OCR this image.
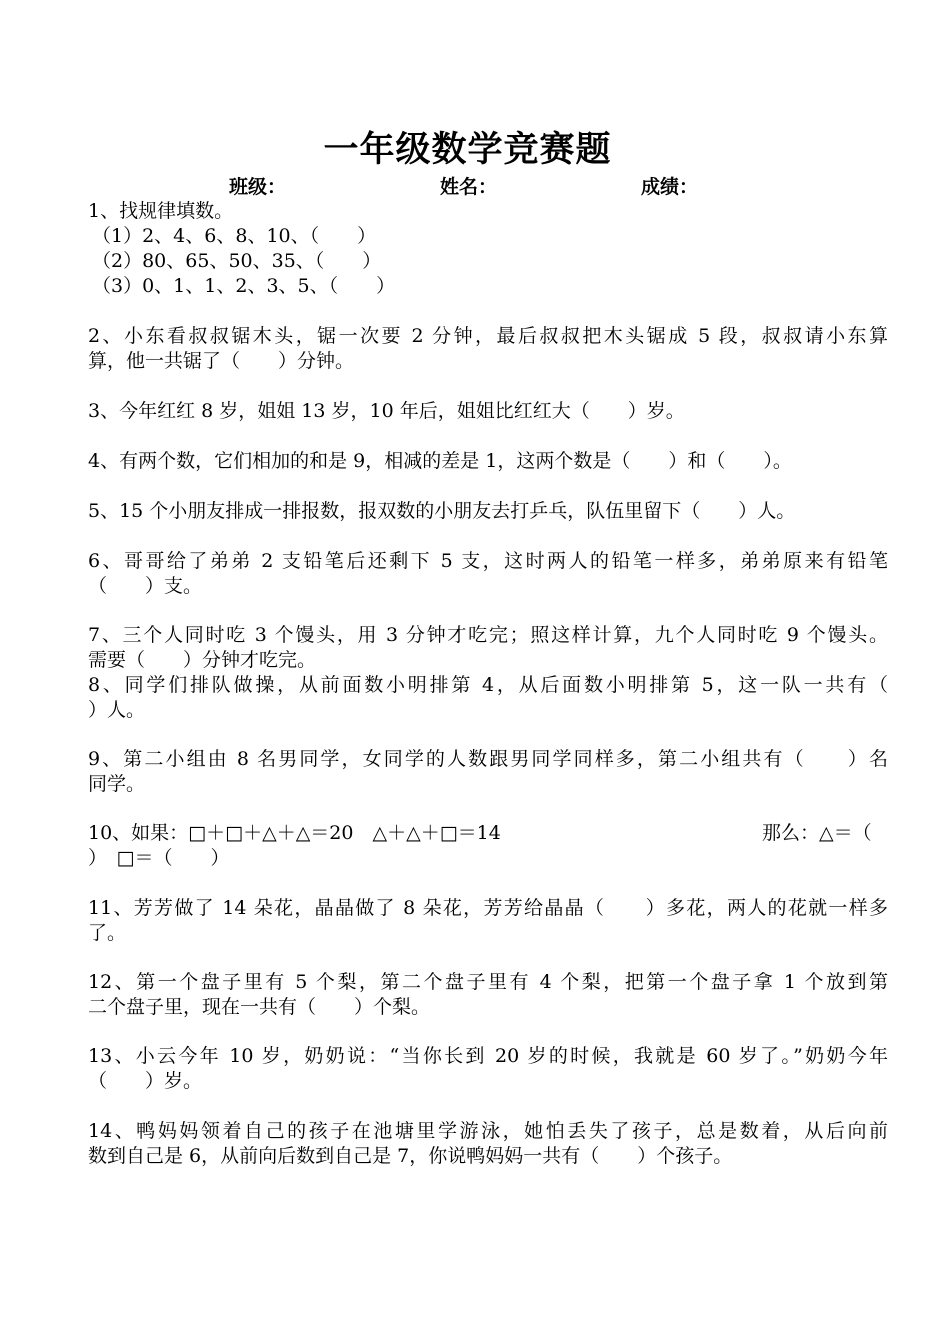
一年级数学竞赛题
班级：	姓名：	成绩：
1、找规律填数。
（1）2、4、6、8、10、（　　）
（2）80、65、50、35、（　　）
（3）0、1、1、2、3、5、（　　）
2、小东看叔叔锯木头，锯一次要 2 分钟，最后叔叔把木头锯成 5 段，叔叔请小东算
算，他一共锯了（　　）分钟。
3、今年红红 8 岁，姐姐 13 岁，10 年后，姐姐比红红大（　　）岁。
4、有两个数，它们相加的和是 9，相减的差是 1，这两个数是（　　）和（　　）。
5、15 个小朋友排成一排报数，报双数的小朋友去打乒乓，队伍里留下（　　）人。
6、哥哥给了弟弟 2 支铅笔后还剩下 5 支，这时两人的铅笔一样多，弟弟原来有铅笔
（　　）支。
7、三个人同时吃 3 个馒头，用 3 分钟才吃完；照这样计算，九个人同时吃 9 个馒头。
需要（　　）分钟才吃完。
8、同学们排队做操，从前面数小明排第 4，从后面数小明排第 5，这一队一共有（
）人。
9、第二小组由 8 名男同学，女同学的人数跟男同学同样多，第二小组共有（　　）名
同学。
10、如果：□＋□＋△＋△＝20　△＋△＋□＝14	那么：△＝（
）　□＝（　　）
11、芳芳做了 14 朵花，晶晶做了 8 朵花，芳芳给晶晶（　　）多花，两人的花就一样多
了。
12、第一个盘子里有 5 个梨，第二个盘子里有 4 个梨，把第一个盘子拿 1 个放到第
二个盘子里，现在一共有（　　）个梨。
13、小云今年 10 岁，奶奶说：“当你长到 20 岁的时候，我就是 60 岁了。”奶奶今年
（　　）岁。
14、鸭妈妈领着自己的孩子在池塘里学游泳，她怕丢失了孩子，总是数着，从后向前
数到自己是 6，从前向后数到自己是 7，你说鸭妈妈一共有（　　）个孩子。
